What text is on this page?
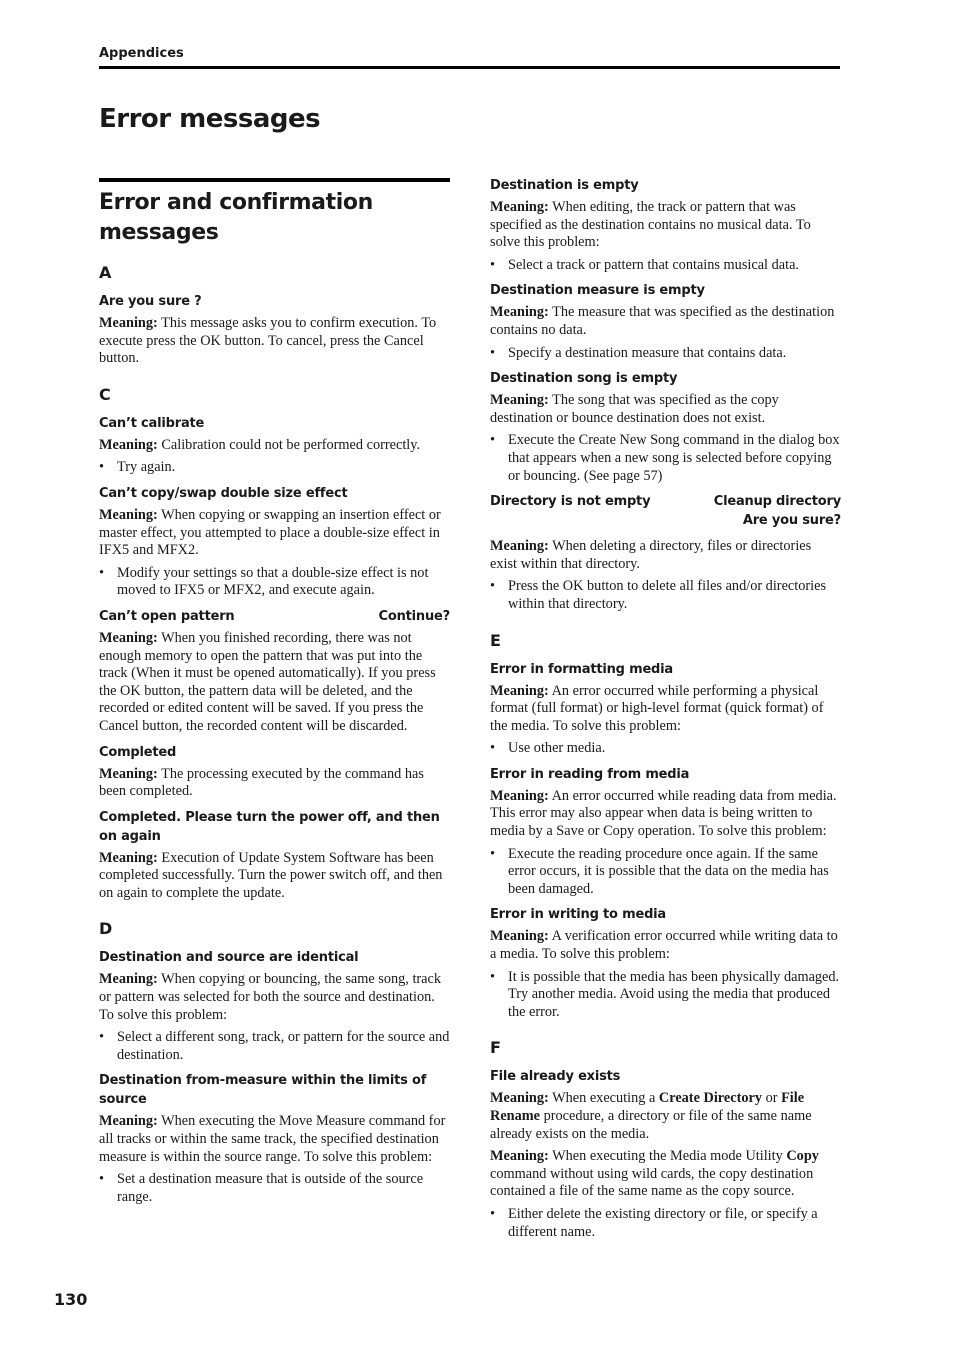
Appendices
Error messages
Error and confirmation messages
A
Are you sure ?

Meaning: This message asks you to confirm execution. To execute press the OK button. To cancel, press the Cancel button.

C
Can’t calibrate

Meaning: Calibration could not be performed correctly.

• Try again.
Can’t copy/swap double size effect

Meaning: When copying or swapping an insertion effect or master effect, you attempted to place a double-size effect in IFX5 and MFX2.

• Modify your settings so that a double-size effect is not moved to IFX5 or MFX2, and execute again.
Can’t open pattern	Continue?

Meaning: When you finished recording, there was not enough memory to open the pattern that was put into the track (When it must be opened automatically). If you press the OK button, the pattern data will be deleted, and the recorded or edited content will be saved. If you press the Cancel button, the recorded content will be discarded.

Completed

Meaning: The processing executed by the command has been completed.

Completed. Please turn the power off, and then on again

Meaning: Execution of Update System Software has been completed successfully. Turn the power switch off, and then on again to complete the update.

D
Destination and source are identical

Meaning: When copying or bouncing, the same song, track or pattern was selected for both the source and destination. To solve this problem:

• Select a different song, track, or pattern for the source and destination.
Destination from-measure within the limits of source

Meaning: When executing the Move Measure command for all tracks or within the same track, the specified destination measure is within the source range. To solve this problem:

• Set a destination measure that is outside of the source range.
Destination is empty

Meaning: When editing, the track or pattern that was specified as the destination contains no musical data. To solve this problem:

• Select a track or pattern that contains musical data.
Destination measure is empty

Meaning: The measure that was specified as the destination contains no data.

• Specify a destination measure that contains data.
Destination song is empty

Meaning: The song that was specified as the copy destination or bounce destination does not exist.

• Execute the Create New Song command in the dialog box that appears when a new song is selected before copying or bouncing. (See page 57)
Directory is not empty	Cleanup directory
Are you sure?

Meaning: When deleting a directory, files or directories exist within that directory.

• Press the OK button to delete all files and/or directories within that directory.
E
Error in formatting media

Meaning: An error occurred while performing a physical format (full format) or high-level format (quick format) of the media. To solve this problem:

• Use other media.
Error in reading from media

Meaning: An error occurred while reading data from media. This error may also appear when data is being written to media by a Save or Copy operation. To solve this problem:

• Execute the reading procedure once again. If the same error occurs, it is possible that the data on the media has been damaged.
Error in writing to media

Meaning: A verification error occurred while writing data to a media. To solve this problem:

• It is possible that the media has been physically damaged. Try another media. Avoid using the media that produced the error.
F
File already exists

Meaning: When executing a Create Directory or File Rename procedure, a directory or file of the same name already exists on the media.

Meaning: When executing the Media mode Utility Copy command without using wild cards, the copy destination contained a file of the same name as the copy source.

• Either delete the existing directory or file, or specify a different name.
130
